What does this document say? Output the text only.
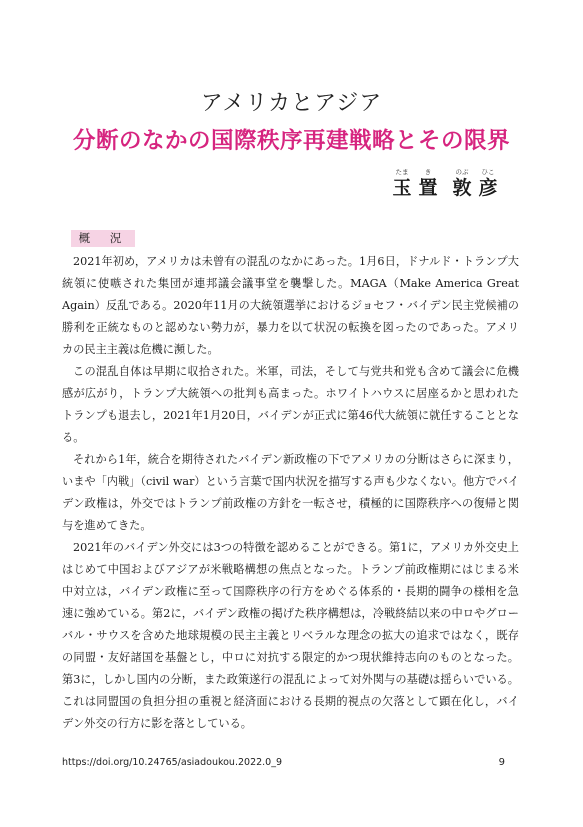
アメリカとアジア
分断のなかの国際秩序再建戦略とその限界
たま
玉
き
置
のぶ
敦
ひこ
彦
概 況

2021年初め，アメリカは未曾有の混乱のなかにあった。1月6日，ドナルド・トランプ大統領に使嗾された集団が連邦議会議事堂を襲撃した。MAGA（Make America Great Again）反乱である。2020年11月の大統領選挙におけるジョセフ・バイデン民主党候補の勝利を正統なものと認めない勢力が，暴力を以て状況の転換を図ったのであった。アメリカの民主主義は危機に瀕した。

この混乱自体は早期に収拾された。米軍，司法，そして与党共和党も含めて議会に危機感が広がり，トランプ大統領への批判も高まった。ホワイトハウスに居座るかと思われたトランプも退去し，2021年1月20日，バイデンが正式に第46代大統領に就任することとなる。

それから1年，統合を期待されたバイデン新政権の下でアメリカの分断はさらに深まり，いまや「内戦」（civil war）という言葉で国内状況を描写する声も少なくない。他方でバイデン政権は，外交ではトランプ前政権の方針を一転させ，積極的に国際秩序への復帰と関与を進めてきた。

2021年のバイデン外交には3つの特徴を認めることができる。第1に，アメリカ外交史上はじめて中国およびアジアが米戦略構想の焦点となった。トランプ前政権期にはじまる米中対立は，バイデン政権に至って国際秩序の行方をめぐる体系的・長期的闘争の様相を急速に強めている。第2に，バイデン政権の掲げた秩序構想は，冷戦終結以来の中ロやグローバル・サウスを含めた地球規模の民主主義とリベラルな理念の拡大の追求ではなく，既存の同盟・友好諸国を基盤とし，中ロに対抗する限定的かつ現状維持志向のものとなった。第3に，しかし国内の分断，また政策遂行の混乱によって対外関与の基礎は揺らいでいる。これは同盟国の負担分担の重視と経済面における長期的視点の欠落として顕在化し，バイデン外交の行方に影を落としている。

https://doi.org/10.24765/asiadoukou.2022.0_9	9
